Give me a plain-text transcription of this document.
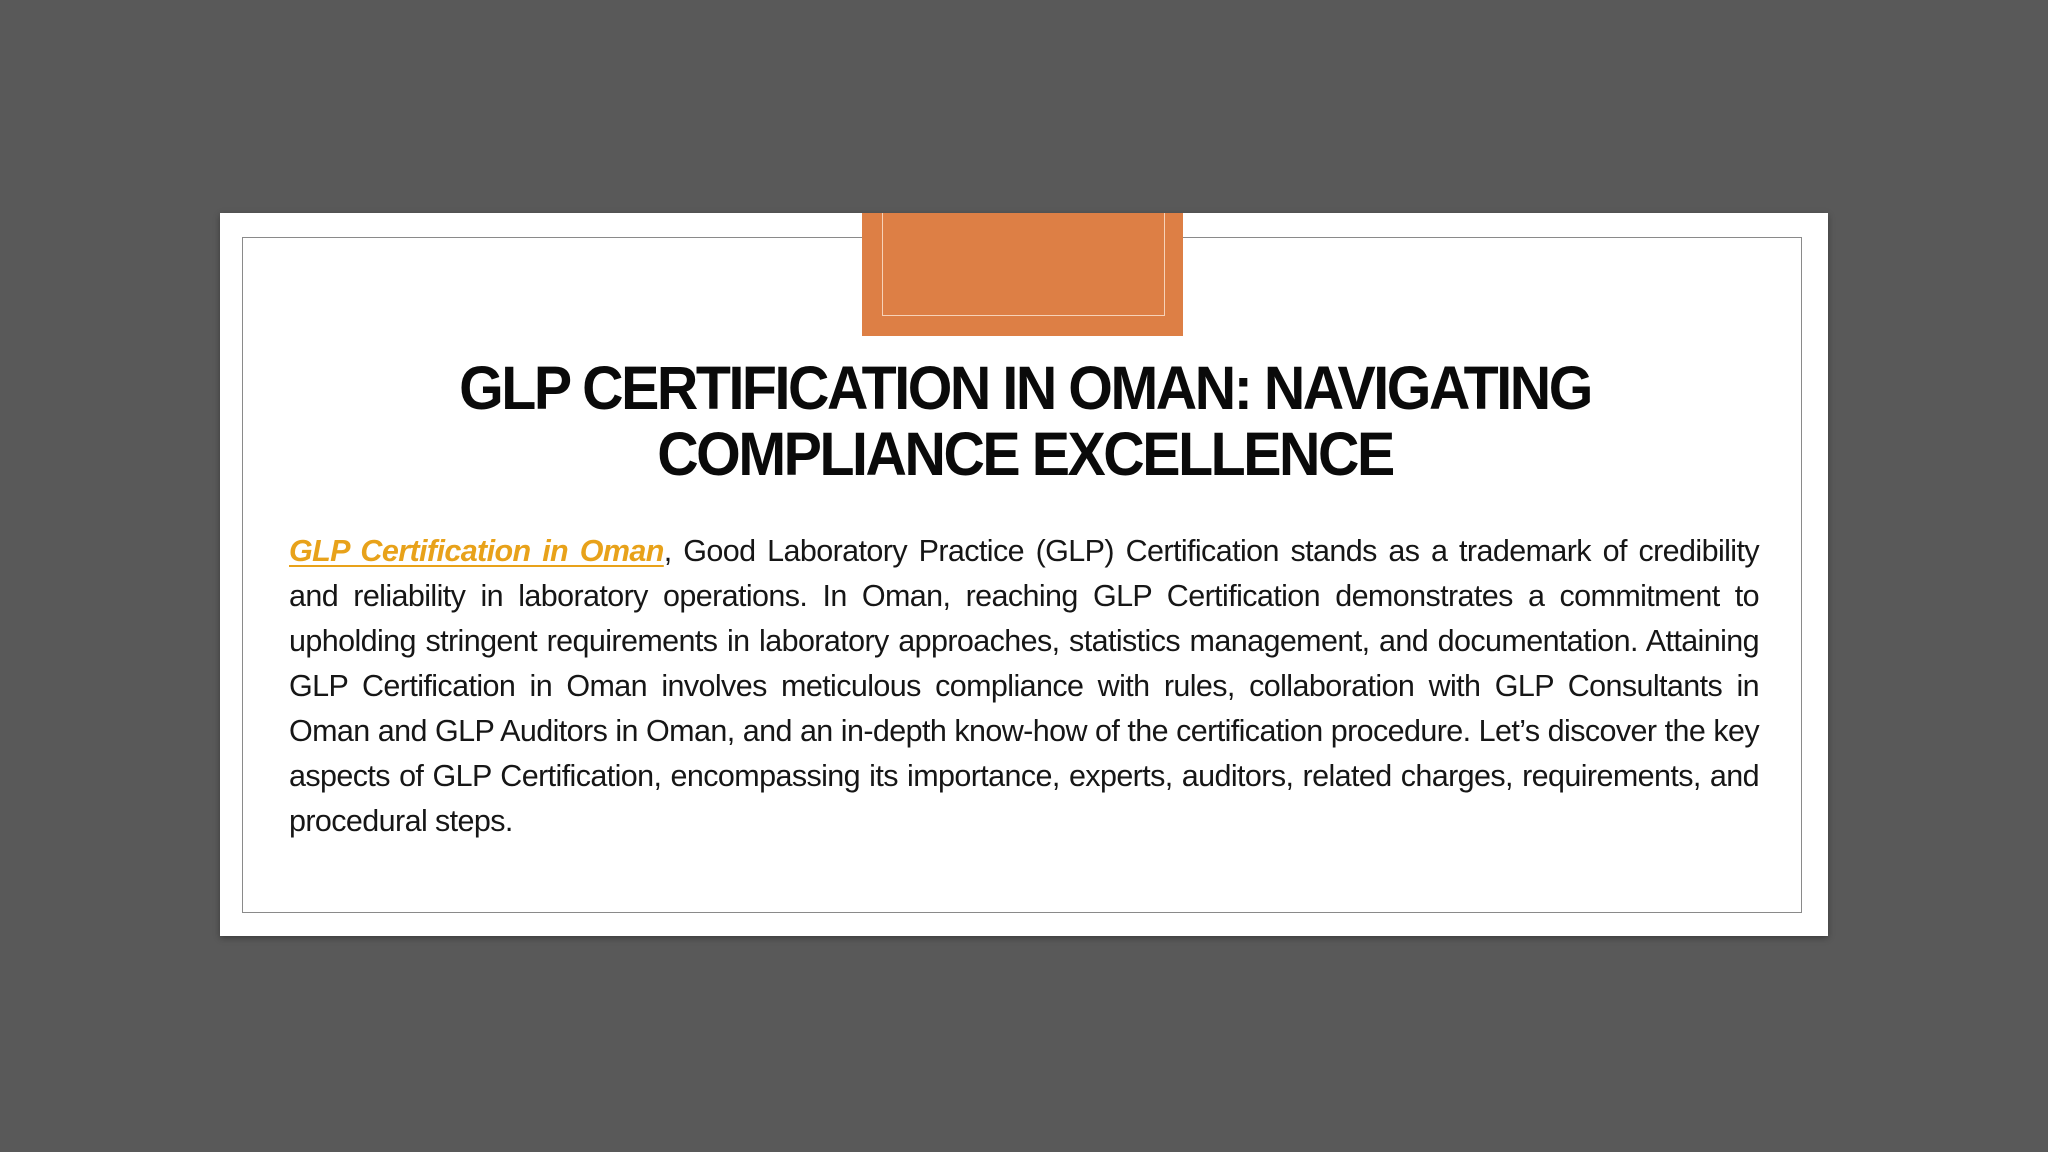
GLP CERTIFICATION IN OMAN: NAVIGATING COMPLIANCE EXCELLENCE

GLP Certification in Oman, Good Laboratory Practice (GLP) Certification stands as a trademark of credibility and reliability in laboratory operations. In Oman, reaching GLP Certification demonstrates a commitment to upholding stringent requirements in laboratory approaches, statistics management, and documentation. Attaining GLP Certification in Oman involves meticulous compliance with rules, collaboration with GLP Consultants in Oman and GLP Auditors in Oman, and an in-depth know-how of the certification procedure. Let’s discover the key aspects of GLP Certification, encompassing its importance, experts, auditors, related charges, requirements, and procedural steps.
